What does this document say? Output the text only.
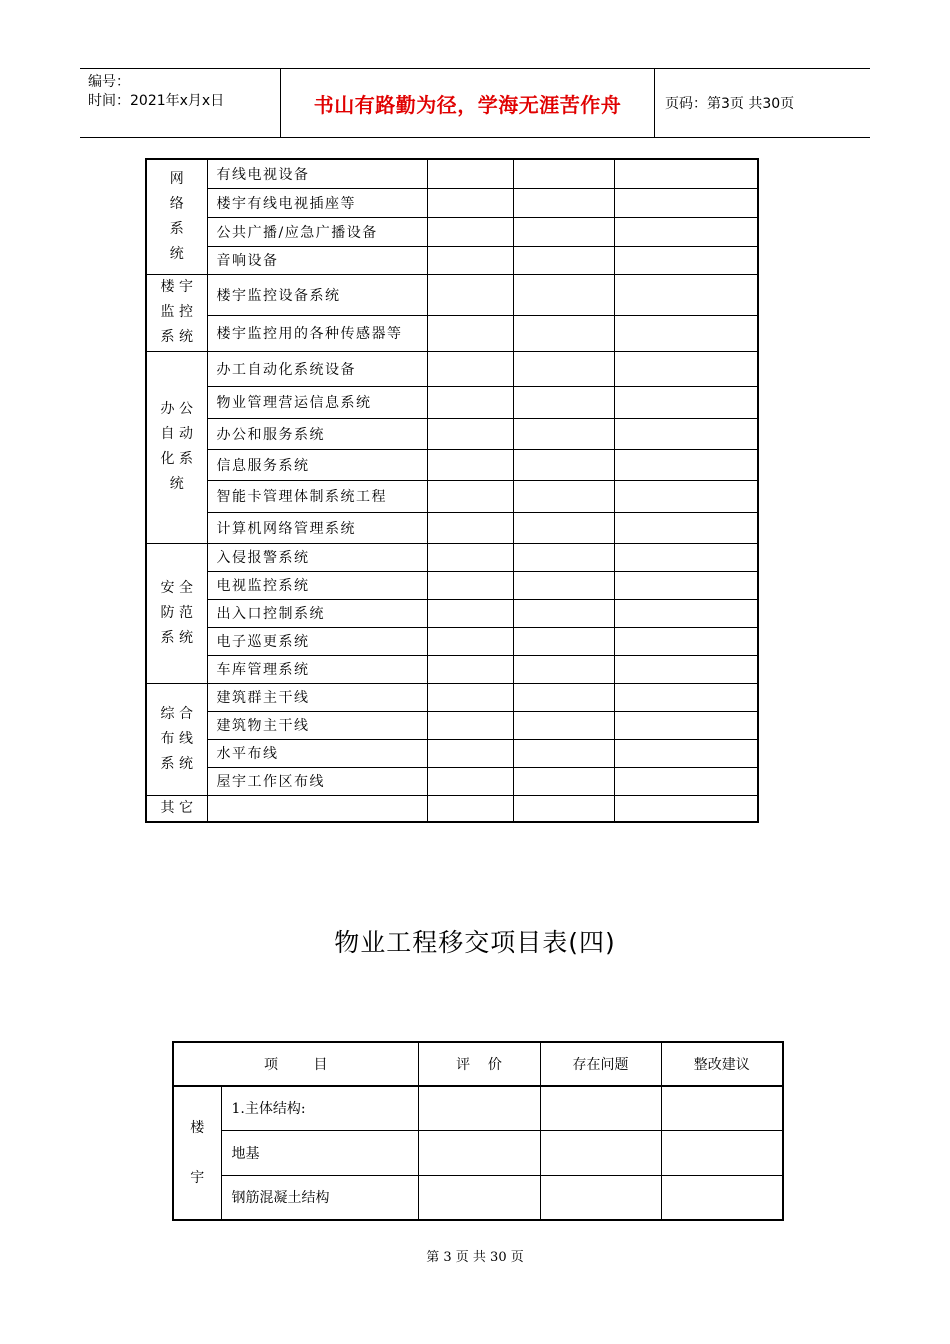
编号：
时间：2021年x月x日	书山有路勤为径，学海无涯苦作舟	页码：第3页 共30页
网
络
系
统	有线电视设备			
	楼宇有线电视插座等			
	公共广播/应急广播设备			
	音响设备			

楼 宇
监 控
系 统	楼宇监控设备系统			
	楼宇监控用的各种传感器等			

办 公
自 动
化 系
统	办工自动化系统设备			
	物业管理营运信息系统			
	办公和服务系统			
	信息服务系统			
	智能卡管理体制系统工程			
	计算机网络管理系统			

安 全
防 范
系 统	入侵报警系统			
	电视监控系统			
	出入口控制系统			
	电子巡更系统			
	车库管理系统			

综 合
布 线
系 统	建筑群主干线			
	建筑物主干线			
	水平布线			
	屋宇工作区布线			

其 它				

物业工程移交项目表(四)
项        目		评    价	存在问题	整改建议

楼
宇	1.主体结构:			
	地基			
	钢筋混凝土结构			
第 3 页 共 30 页
